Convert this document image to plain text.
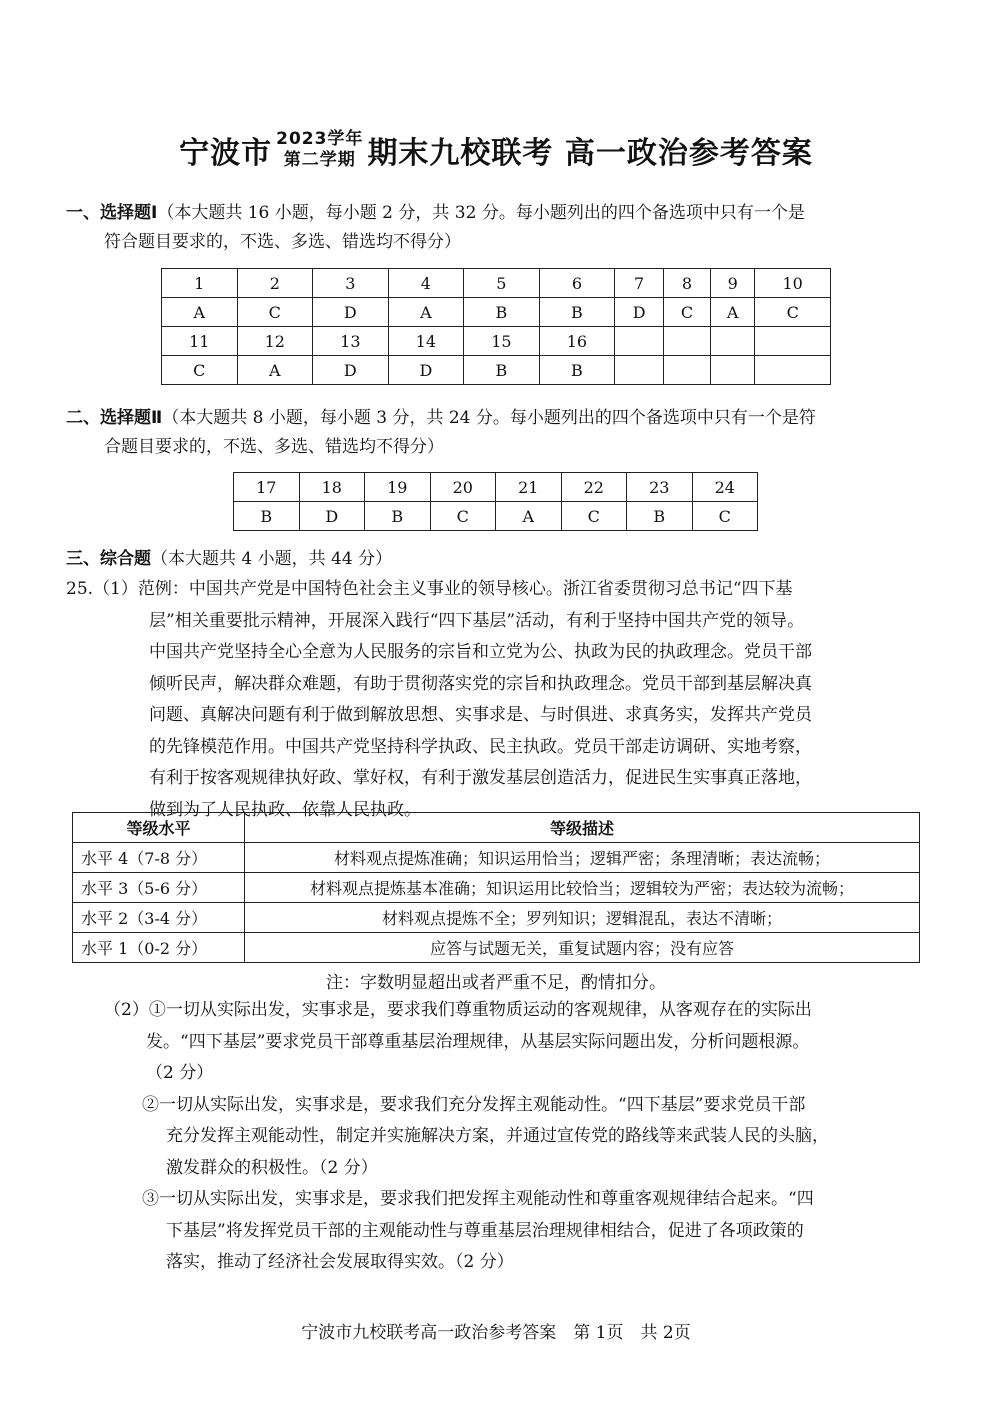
宁波市 2023学年
第二学期 期末九校联考 高一政治参考答案
一、选择题Ⅰ（本大题共 16 小题，每小题 2 分，共 32 分。每小题列出的四个备选项中只有一个是
符合题目要求的，不选、多选、错选均不得分）
1	2	3	4	5	6	7	8	9	10
A	C	D	A	B	B	D	C	A	C
11	12	13	14	15	16				
C	A	D	D	B	B				
二、选择题Ⅱ（本大题共 8 小题，每小题 3 分，共 24 分。每小题列出的四个备选项中只有一个是符
合题目要求的，不选、多选、错选均不得分）
17	18	19	20	21	22	23	24
B	D	B	C	A	C	B	C
三、综合题（本大题共 4 小题，共 44 分）
25.（1）范例：中国共产党是中国特色社会主义事业的领导核心。浙江省委贯彻习总书记“四下基
层”相关重要批示精神，开展深入践行“四下基层”活动，有利于坚持中国共产党的领导。
中国共产党坚持全心全意为人民服务的宗旨和立党为公、执政为民的执政理念。党员干部
倾听民声，解决群众难题，有助于贯彻落实党的宗旨和执政理念。党员干部到基层解决真
问题、真解决问题有利于做到解放思想、实事求是、与时俱进、求真务实，发挥共产党员
的先锋模范作用。中国共产党坚持科学执政、民主执政。党员干部走访调研、实地考察，
有利于按客观规律执好政、掌好权，有利于激发基层创造活力，促进民生实事真正落地，
做到为了人民执政、依靠人民执政。
等级水平	等级描述
水平 4（7-8 分）	材料观点提炼准确；知识运用恰当；逻辑严密；条理清晰；表达流畅；
水平 3（5-6 分）	材料观点提炼基本准确；知识运用比较恰当；逻辑较为严密；表达较为流畅；
水平 2（3-4 分）	材料观点提炼不全；罗列知识；逻辑混乱，表达不清晰；
水平 1（0-2 分）	应答与试题无关，重复试题内容；没有应答
注：字数明显超出或者严重不足，酌情扣分。
（2）①一切从实际出发，实事求是，要求我们尊重物质运动的客观规律，从客观存在的实际出
发。“四下基层”要求党员干部尊重基层治理规律，从基层实际问题出发，分析问题根源。
（2 分）
②一切从实际出发，实事求是，要求我们充分发挥主观能动性。“四下基层”要求党员干部
充分发挥主观能动性，制定并实施解决方案，并通过宣传党的路线等来武装人民的头脑，
激发群众的积极性。（2 分）
③一切从实际出发，实事求是，要求我们把发挥主观能动性和尊重客观规律结合起来。“四
下基层”将发挥党员干部的主观能动性与尊重基层治理规律相结合，促进了各项政策的
落实，推动了经济社会发展取得实效。（2 分）
宁波市九校联考高一政治参考答案　第 1页　共 2页
